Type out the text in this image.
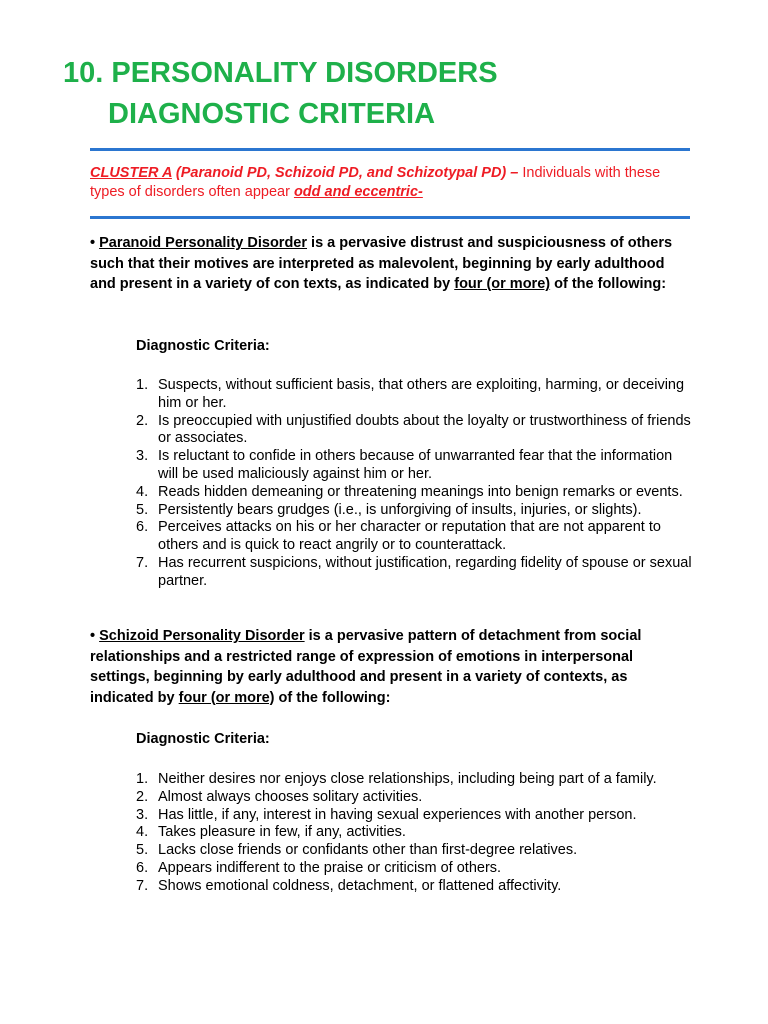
10. PERSONALITY DISORDERS
DIAGNOSTIC CRITERIA
CLUSTER A (Paranoid PD, Schizoid PD, and Schizotypal PD) – Individuals with these types of disorders often appear odd and eccentric-
• Paranoid Personality Disorder is a pervasive distrust and suspiciousness of others such that their motives are interpreted as malevolent, beginning by early adulthood and present in a variety of con texts, as indicated by four (or more) of the following:
Diagnostic Criteria:
1. Suspects, without sufficient basis, that others are exploiting, harming, or deceiving him or her.
2. Is preoccupied with unjustified doubts about the loyalty or trustworthiness of friends or associates.
3. Is reluctant to confide in others because of unwarranted fear that the information will be used maliciously against him or her.
4. Reads hidden demeaning or threatening meanings into benign remarks or events.
5. Persistently bears grudges (i.e., is unforgiving of insults, injuries, or slights).
6. Perceives attacks on his or her character or reputation that are not apparent to others and is quick to react angrily or to counterattack.
7. Has recurrent suspicions, without justification, regarding fidelity of spouse or sexual partner.
• Schizoid Personality Disorder is a pervasive pattern of detachment from social relationships and a restricted range of expression of emotions in interpersonal settings, beginning by early adulthood and present in a variety of contexts, as indicated by four (or more) of the following:
Diagnostic Criteria:
1. Neither desires nor enjoys close relationships, including being part of a family.
2. Almost always chooses solitary activities.
3. Has little, if any, interest in having sexual experiences with another person.
4. Takes pleasure in few, if any, activities.
5. Lacks close friends or confidants other than first-degree relatives.
6. Appears indifferent to the praise or criticism of others.
7. Shows emotional coldness, detachment, or flattened affectivity.
